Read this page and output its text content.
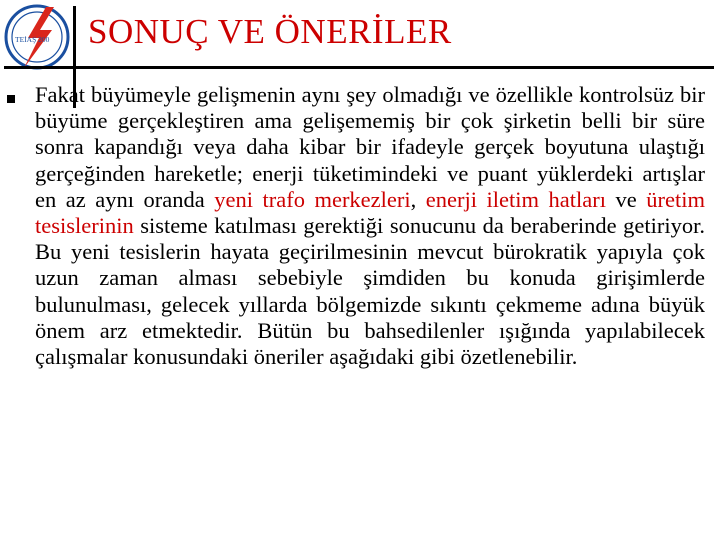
TEİAŞ 200 SONUÇ VE ÖNERİLER
Fakat büyümeyle gelişmenin aynı şey olmadığı ve özellikle kontrolsüz bir büyüme gerçekleştiren ama gelişememiş bir çok şirketin belli bir süre sonra kapandığı veya daha kibar bir ifadeyle gerçek boyutuna ulaştığı gerçeğinden hareketle; enerji tüketimindeki ve puant yüklerdeki artışlar en az aynı oranda yeni trafo merkezleri, enerji iletim hatları ve üretim tesislerinin sisteme katılması gerektiği sonucunu da beraberinde getiriyor. Bu yeni tesislerin hayata geçirilmesinin mevcut bürokratik yapıyla çok uzun zaman alması sebebiyle şimdiden bu konuda girişimlerde bulunulması, gelecek yıllarda bölgemizde sıkıntı çekmeme adına büyük önem arz etmektedir. Bütün bu bahsedilenler ışığında yapılabilecek çalışmalar konusundaki öneriler aşağıdaki gibi özetlenebilir.
